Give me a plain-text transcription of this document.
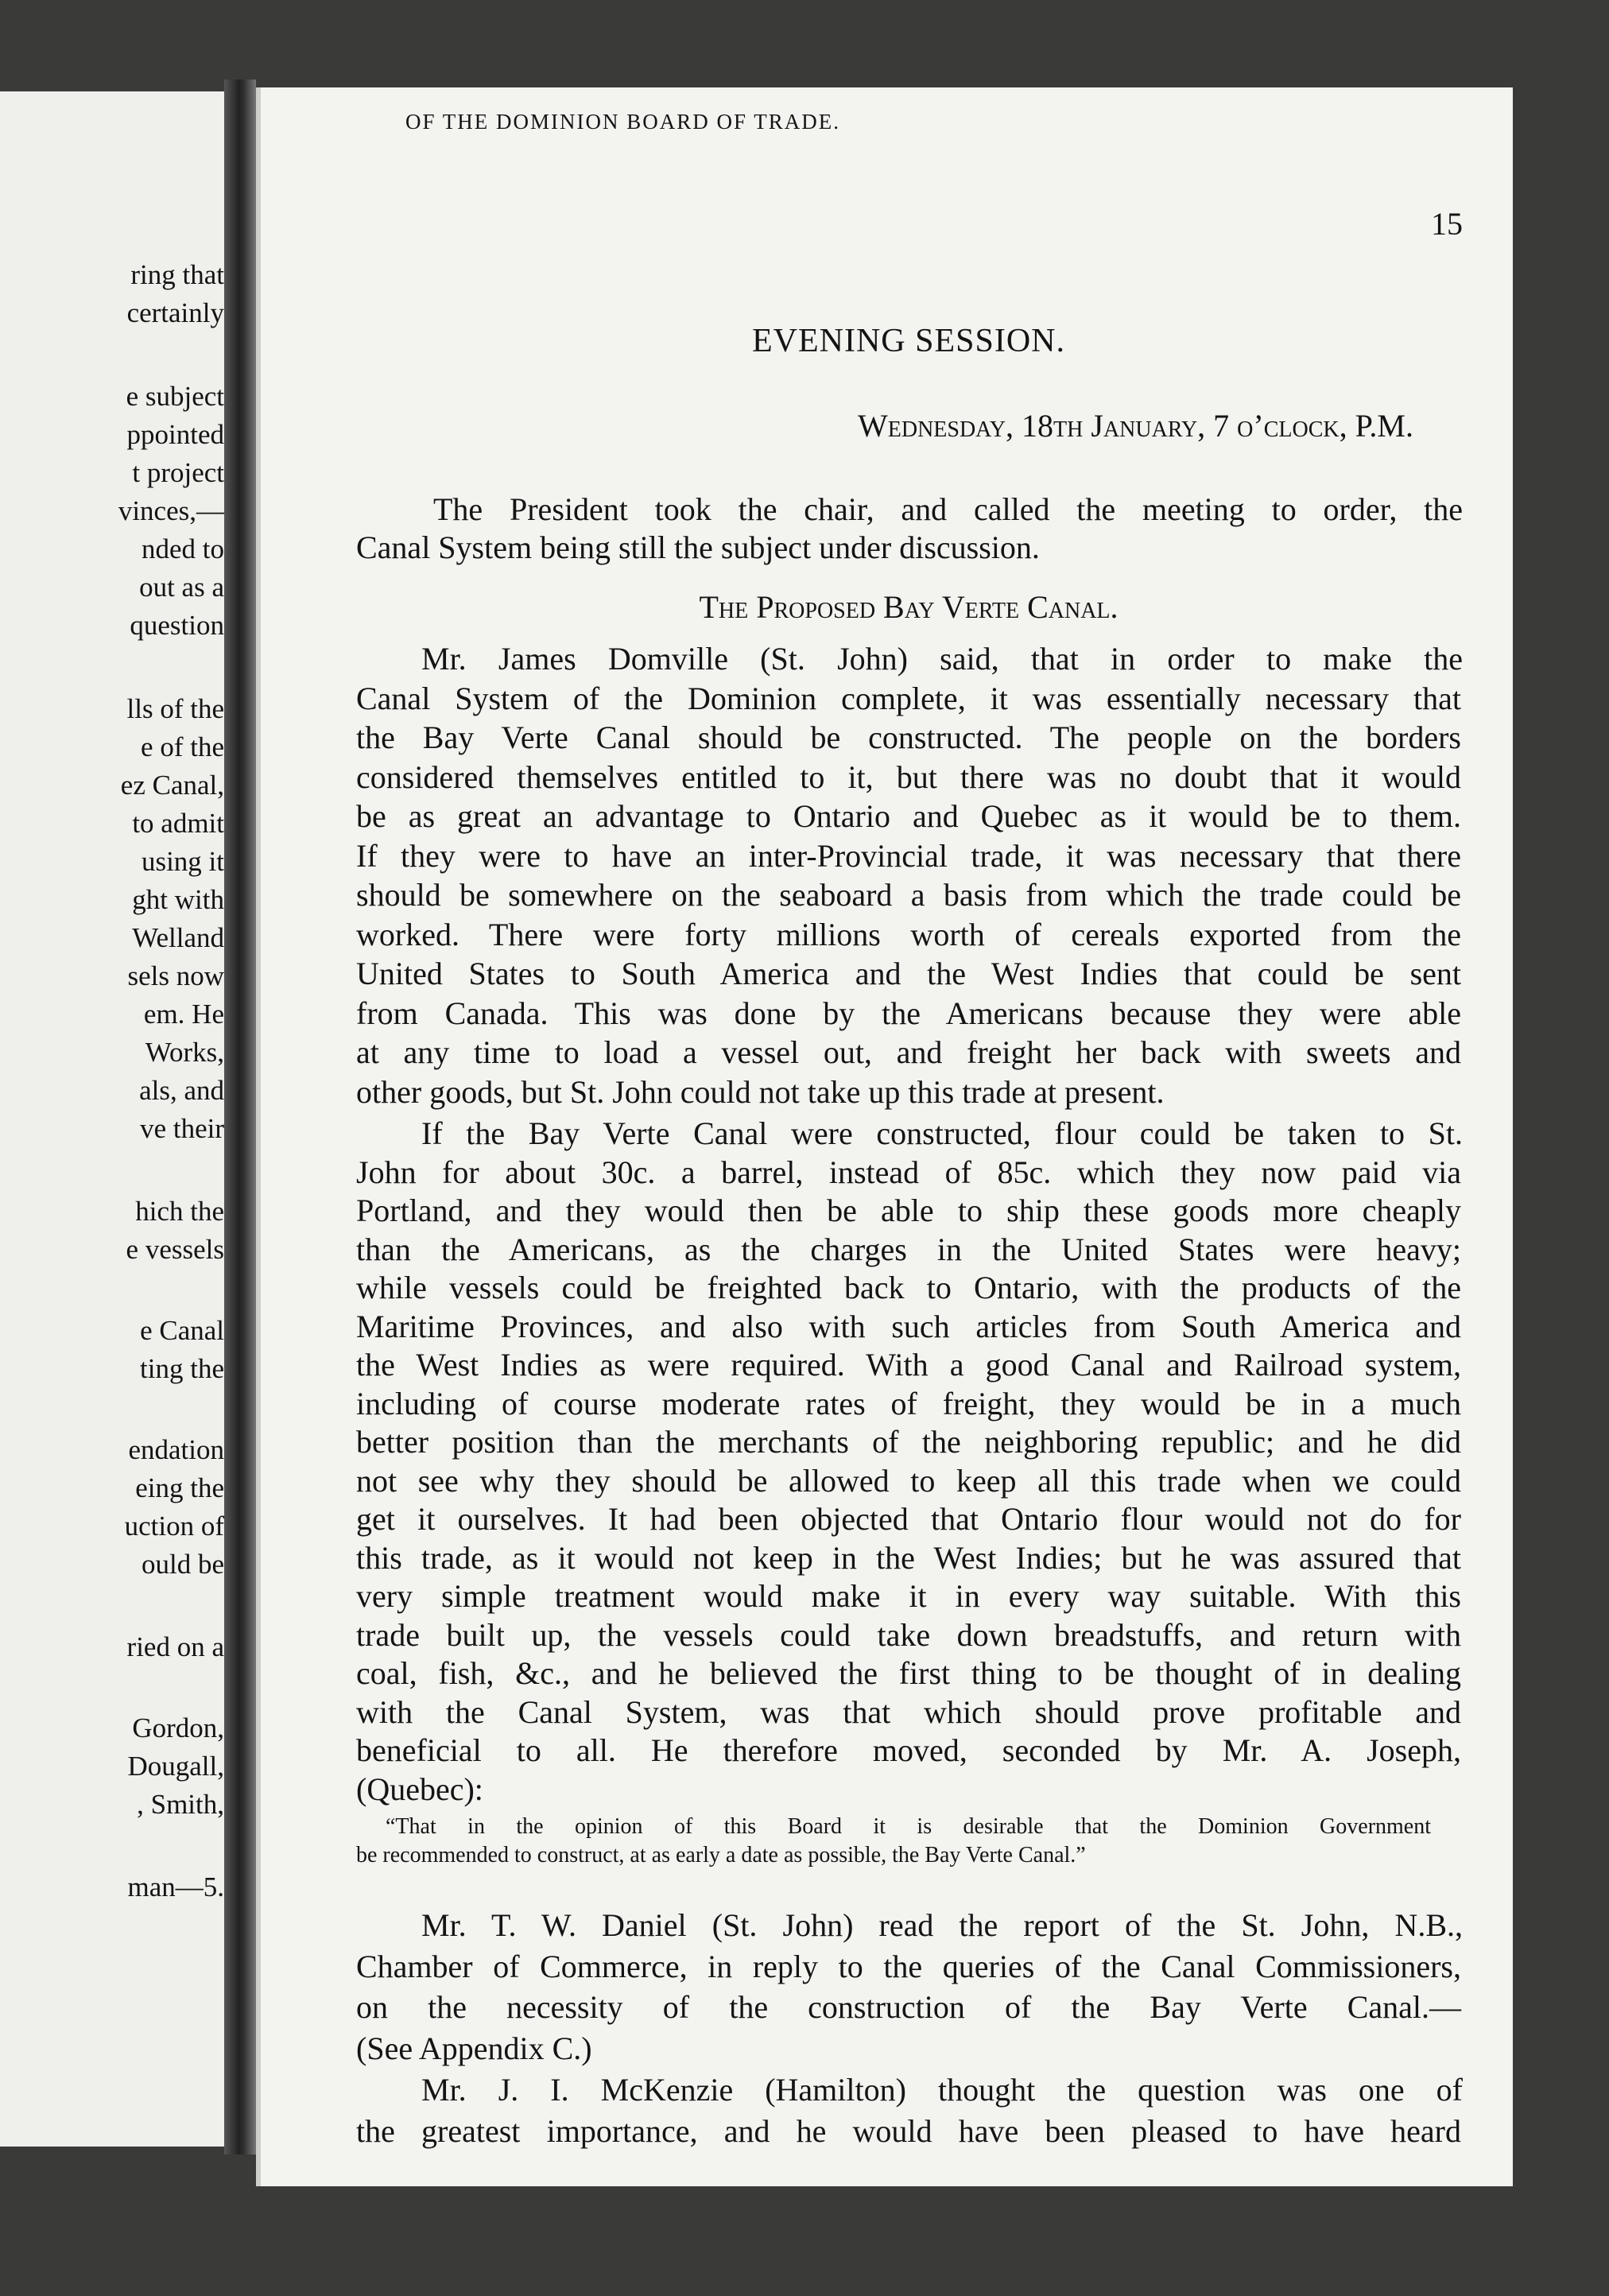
ring that
certainly
e subject
ppointed
t project
vinces,—
nded to
out as a
question
lls of the
e of the
ez Canal,
to admit
using it
ght with
Welland
sels now
em. He
Works,
als, and
ve their
hich the
e vessels
e Canal
ting the
endation
eing the
uction of
ould be
ried on a
Gordon,
Dougall,
, Smith,
man—5.
OF THE DOMINION BOARD OF TRADE.
15
EVENING SESSION.
Wednesday, 18th January, 7 o’clock, P.M.
The President took the chair, and called the meeting to order, the
Canal System being still the subject under discussion.
The Proposed Bay Verte Canal.
Mr. James Domville (St. John) said, that in order to make the
Canal System of the Dominion complete, it was essentially necessary that
the Bay Verte Canal should be constructed. The people on the borders
considered themselves entitled to it, but there was no doubt that it would
be as great an advantage to Ontario and Quebec as it would be to them.
If they were to have an inter-Provincial trade, it was necessary that there
should be somewhere on the seaboard a basis from which the trade could be
worked. There were forty millions worth of cereals exported from the
United States to South America and the West Indies that could be sent
from Canada. This was done by the Americans because they were able
at any time to load a vessel out, and freight her back with sweets and
other goods, but St. John could not take up this trade at present.
If the Bay Verte Canal were constructed, flour could be taken to St.
John for about 30c. a barrel, instead of 85c. which they now paid via
Portland, and they would then be able to ship these goods more cheaply
than the Americans, as the charges in the United States were heavy;
while vessels could be freighted back to Ontario, with the products of the
Maritime Provinces, and also with such articles from South America and
the West Indies as were required. With a good Canal and Railroad system,
including of course moderate rates of freight, they would be in a much
better position than the merchants of the neighboring republic; and he did
not see why they should be allowed to keep all this trade when we could
get it ourselves. It had been objected that Ontario flour would not do for
this trade, as it would not keep in the West Indies; but he was assured that
very simple treatment would make it in every way suitable. With this
trade built up, the vessels could take down breadstuffs, and return with
coal, fish, &c., and he believed the first thing to be thought of in dealing
with the Canal System, was that which should prove profitable and
beneficial to all. He therefore moved, seconded by Mr. A. Joseph,
(Quebec):
“That in the opinion of this Board it is desirable that the Dominion Government
be recommended to construct, at as early a date as possible, the Bay Verte Canal.”
Mr. T. W. Daniel (St. John) read the report of the St. John, N.B.,
Chamber of Commerce, in reply to the queries of the Canal Commissioners,
on the necessity of the construction of the Bay Verte Canal.—
(See Appendix C.)
Mr. J. I. McKenzie (Hamilton) thought the question was one of
the greatest importance, and he would have been pleased to have heard
